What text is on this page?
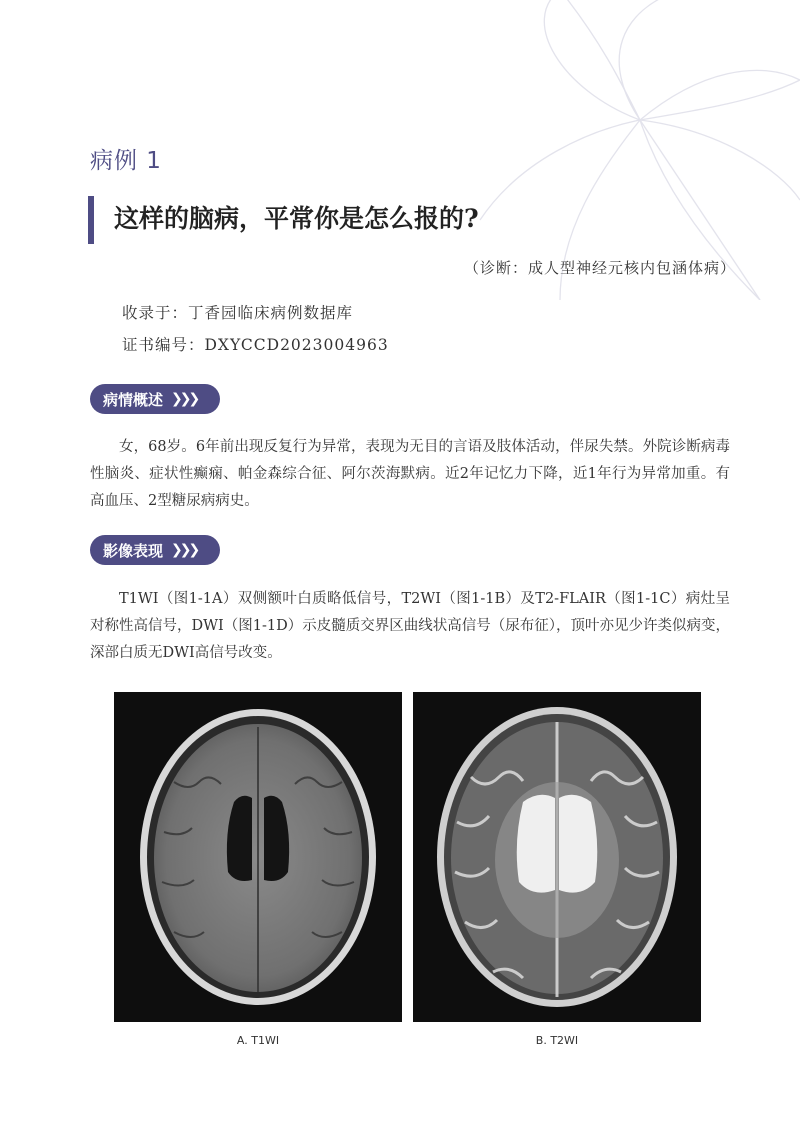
病例 1
这样的脑病，平常你是怎么报的?
（诊断：成人型神经元核内包涵体病）
收录于：丁香园临床病例数据库
证书编号：DXYCCD2023004963
病情概述 ❯❯❯

女，68岁。6年前出现反复行为异常，表现为无目的言语及肢体活动，伴尿失禁。外院诊断病毒性脑炎、症状性癫痫、帕金森综合征、阿尔茨海默病。近2年记忆力下降，近1年行为异常加重。有高血压、2型糖尿病病史。

影像表现 ❯❯❯

T1WI（图1-1A）双侧额叶白质略低信号，T2WI（图1-1B）及T2-FLAIR（图1-1C）病灶呈对称性高信号，DWI（图1-1D）示皮髓质交界区曲线状高信号（尿布征），顶叶亦见少许类似病变，深部白质无DWI高信号改变。

A. T1WI	B. T2WI
